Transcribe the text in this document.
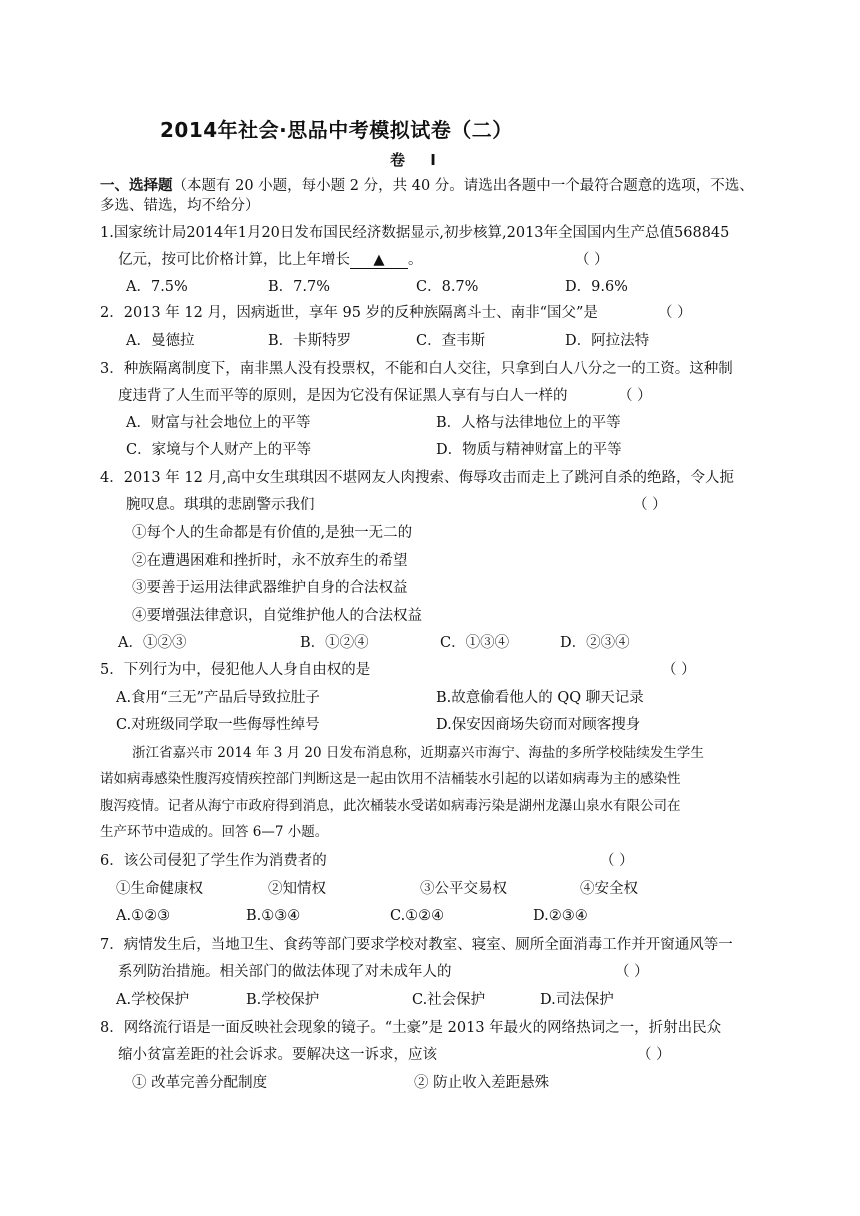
2014年社会·思品中考模拟试卷（二）
卷 Ⅰ
一、选择题（本题有 20 小题，每小题 2 分，共 40 分。请选出各题中一个最符合题意的选项，不选、
多选、错选，均不给分）
1.国家统计局2014年1月20日发布国民经济数据显示,初步核算,2013年全国国内生产总值568845
亿元，按可比价格计算，比上年增长 ▲ 。	（ ）
A．7.5%	B．7.7%	C．8.7%	D．9.6%
2．2013 年 12 月，因病逝世，享年 95 岁的反种族隔离斗士、南非“国父”是	（ ）
A．曼德拉	B．卡斯特罗	C．查韦斯	D．阿拉法特
3．种族隔离制度下，南非黑人没有投票权，不能和白人交往，只拿到白人八分之一的工资。这种制
度违背了人生而平等的原则，是因为它没有保证黑人享有与白人一样的	（ ）
A．财富与社会地位上的平等	B．人格与法律地位上的平等
C．家境与个人财产上的平等	D．物质与精神财富上的平等
4．2013 年 12 月,高中女生琪琪因不堪网友人肉搜索、侮辱攻击而走上了跳河自杀的绝路，令人扼
腕叹息。琪琪的悲剧警示我们	（ ）
①每个人的生命都是有价值的,是独一无二的
②在遭遇困难和挫折时，永不放弃生的希望
③要善于运用法律武器维护自身的合法权益
④要增强法律意识，自觉维护他人的合法权益
A．①②③	B．①②④	C．①③④	D．②③④
5．下列行为中，侵犯他人人身自由权的是	（ ）
A.食用“三无”产品后导致拉肚子	B.故意偷看他人的 QQ 聊天记录
C.对班级同学取一些侮辱性绰号	D.保安因商场失窃而对顾客搜身
浙江省嘉兴市 2014 年 3 月 20 日发布消息称，近期嘉兴市海宁、海盐的多所学校陆续发生学生
诺如病毒感染性腹泻疫情疾控部门判断这是一起由饮用不洁桶装水引起的以诺如病毒为主的感染性
腹泻疫情。记者从海宁市政府得到消息，此次桶装水受诺如病毒污染是湖州龙瀑山泉水有限公司在
生产环节中造成的。回答 6—7 小题。
6．该公司侵犯了学生作为消费者的	（ ）
①生命健康权	②知情权	③公平交易权	④安全权
A.①②③	B.①③④	C.①②④	D.②③④
7．病情发生后，当地卫生、食药等部门要求学校对教室、寝室、厕所全面消毒工作并开窗通风等一
系列防治措施。相关部门的做法体现了对未成年人的	（ ）
A.学校保护	B.学校保护	C.社会保护	D.司法保护
8．网络流行语是一面反映社会现象的镜子。“土豪”是 2013 年最火的网络热词之一，折射出民众
缩小贫富差距的社会诉求。要解决这一诉求，应该	（ ）
① 改革完善分配制度	② 防止收入差距悬殊
